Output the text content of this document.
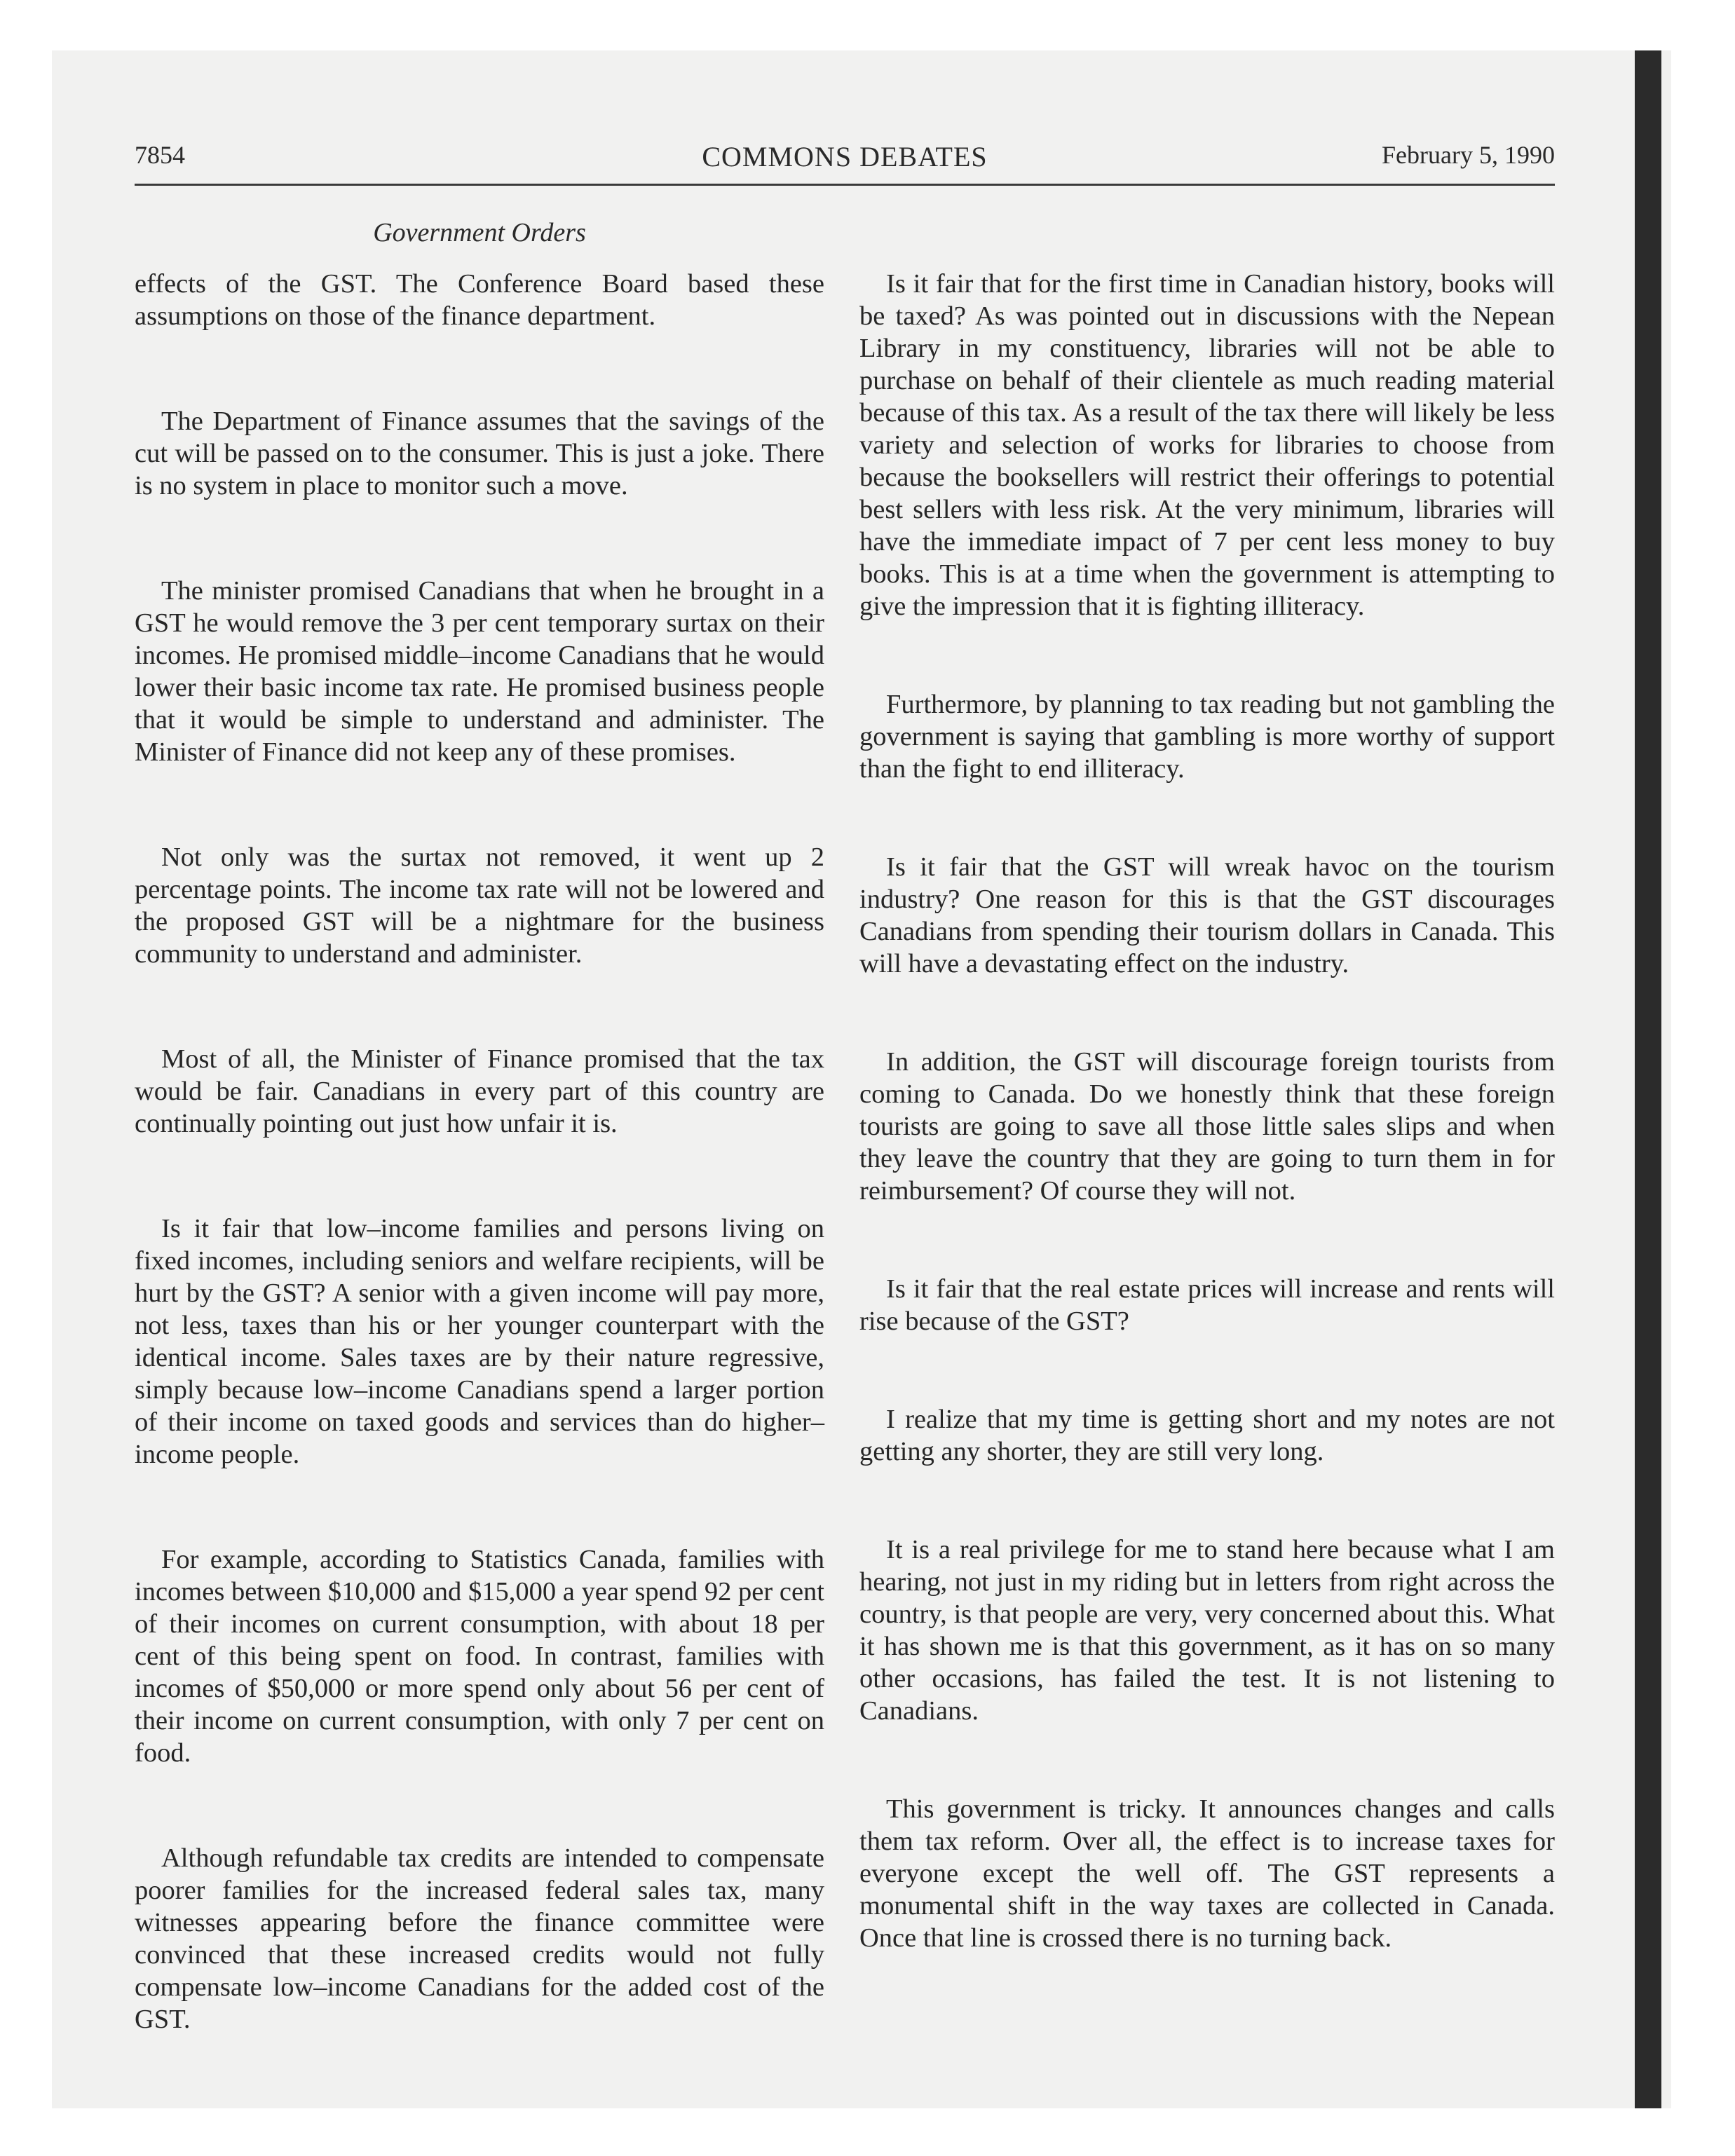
7854	COMMONS DEBATES	February 5, 1990
Government Orders

effects of the GST. The Conference Board based these assumptions on those of the finance department.

The Department of Finance assumes that the savings of the cut will be passed on to the consumer. This is just a joke. There is no system in place to monitor such a move.

The minister promised Canadians that when he brought in a GST he would remove the 3 per cent temporary surtax on their incomes. He promised middle–income Canadians that he would lower their basic income tax rate. He promised business people that it would be simple to understand and administer. The Minister of Finance did not keep any of these promises.

Not only was the surtax not removed, it went up 2 percentage points. The income tax rate will not be lowered and the proposed GST will be a nightmare for the business community to understand and administer.

Most of all, the Minister of Finance promised that the tax would be fair. Canadians in every part of this country are continually pointing out just how unfair it is.

Is it fair that low–income families and persons living on fixed incomes, including seniors and welfare recipients, will be hurt by the GST? A senior with a given income will pay more, not less, taxes than his or her younger counterpart with the identical income. Sales taxes are by their nature regressive, simply because low–income Canadians spend a larger portion of their income on taxed goods and services than do higher–income people.

For example, according to Statistics Canada, families with incomes between $10,000 and $15,000 a year spend 92 per cent of their incomes on current consumption, with about 18 per cent of this being spent on food. In contrast, families with incomes of $50,000 or more spend only about 56 per cent of their income on current consumption, with only 7 per cent on food.

Although refundable tax credits are intended to compensate poorer families for the increased federal sales tax, many witnesses appearing before the finance committee were convinced that these increased credits would not fully compensate low–income Canadians for the added cost of the GST.

Is it fair that for the first time in Canadian history, books will be taxed? As was pointed out in discussions with the Nepean Library in my constituency, libraries will not be able to purchase on behalf of their clientele as much reading material because of this tax. As a result of the tax there will likely be less variety and selection of works for libraries to choose from because the booksellers will restrict their offerings to potential best sellers with less risk. At the very minimum, libraries will have the immediate impact of 7 per cent less money to buy books. This is at a time when the government is attempting to give the impression that it is fighting illiteracy.

Furthermore, by planning to tax reading but not gambling the government is saying that gambling is more worthy of support than the fight to end illiteracy.

Is it fair that the GST will wreak havoc on the tourism industry? One reason for this is that the GST discourages Canadians from spending their tourism dollars in Canada. This will have a devastating effect on the industry.

In addition, the GST will discourage foreign tourists from coming to Canada. Do we honestly think that these foreign tourists are going to save all those little sales slips and when they leave the country that they are going to turn them in for reimbursement? Of course they will not.

Is it fair that the real estate prices will increase and rents will rise because of the GST?

I realize that my time is getting short and my notes are not getting any shorter, they are still very long.

It is a real privilege for me to stand here because what I am hearing, not just in my riding but in letters from right across the country, is that people are very, very concerned about this. What it has shown me is that this government, as it has on so many other occasions, has failed the test. It is not listening to Canadians.

This government is tricky. It announces changes and calls them tax reform. Over all, the effect is to increase taxes for everyone except the well off. The GST represents a monumental shift in the way taxes are collected in Canada. Once that line is crossed there is no turning back.
